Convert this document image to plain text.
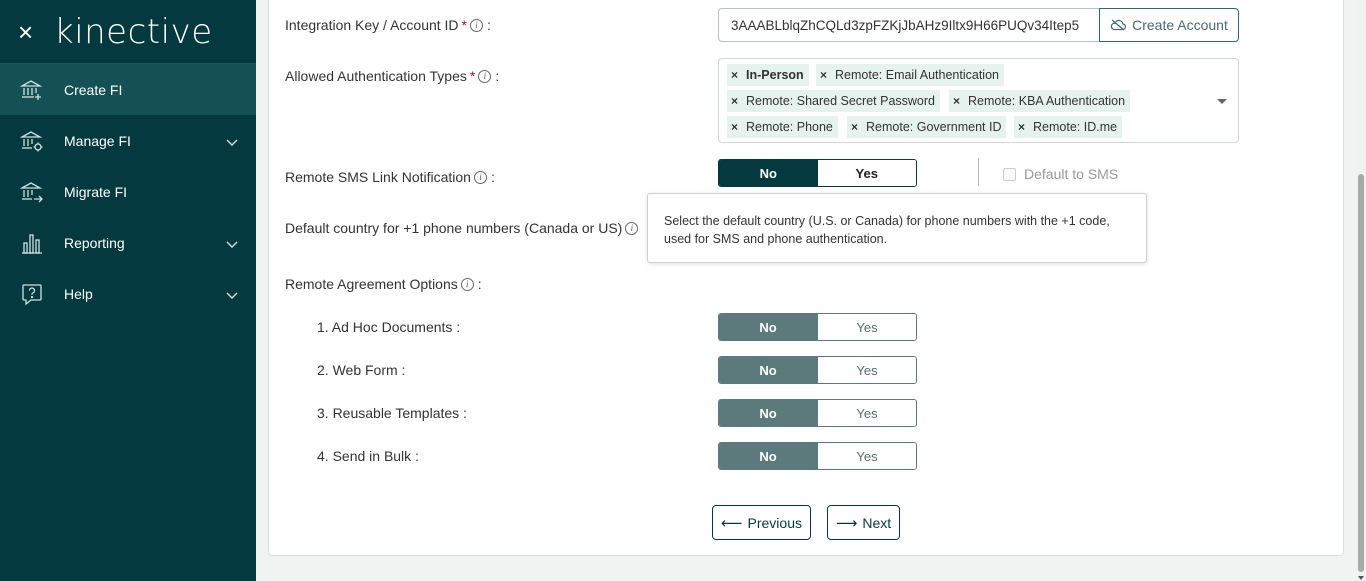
× kinective
Create FI
Manage FI
Migrate FI
Reporting
Help
Integration Key / Account ID * i :	3AAABLblqZhCQLd3zpFZKjJbAHz9Iltx9H66PUQv34Itep5	Create Account
Allowed Authentication Types * i :	× In-Person × Remote: Email Authentication
× Remote: Shared Secret Password × Remote: KBA Authentication
× Remote: Phone × Remote: Government ID × Remote: ID.me
Remote SMS Link Notification i :	No	Yes	Default to SMS
Default country for +1 phone numbers (Canada or US) i	Select the default country (U.S. or Canada) for phone numbers with the +1 code, used for SMS and phone authentication.
Remote Agreement Options i :
1. Ad Hoc Documents :	No	Yes
2. Web Form :	No	Yes
3. Reusable Templates :	No	Yes
4. Send in Bulk :	No	Yes
⟵ Previous ⟶ Next
